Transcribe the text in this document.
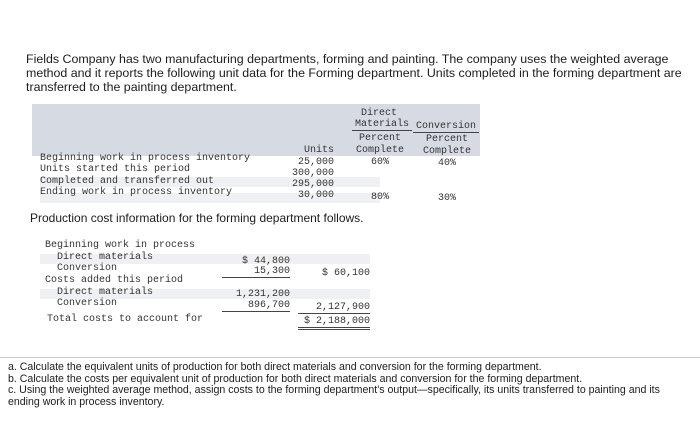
Fields Company has two manufacturing departments, forming and painting. The company uses the weighted average method and it reports the following unit data for the Forming department. Units completed in the forming department are transferred to the painting department.
Direct
Materials Conversion
Percent
Complete
Percent
Complete
Units
Beginning work in process inventory	25,000	60%	40%
Units started this period	300,000
Completed and transferred out	295,000
Ending work in process inventory	30,000	80%	30%
Production cost information for the forming department follows.
Beginning work in process
Direct materials	$ 44,800
Conversion	15,300	$ 60,100
Costs added this period
Direct materials	1,231,200
Conversion	896,700	2,127,900
Total costs to account for	$ 2,188,000
a. Calculate the equivalent units of production for both direct materials and conversion for the forming department.
b. Calculate the costs per equivalent unit of production for both direct materials and conversion for the forming department.
c. Using the weighted average method, assign costs to the forming department's output—specifically, its units transferred to painting and its ending work in process inventory.
